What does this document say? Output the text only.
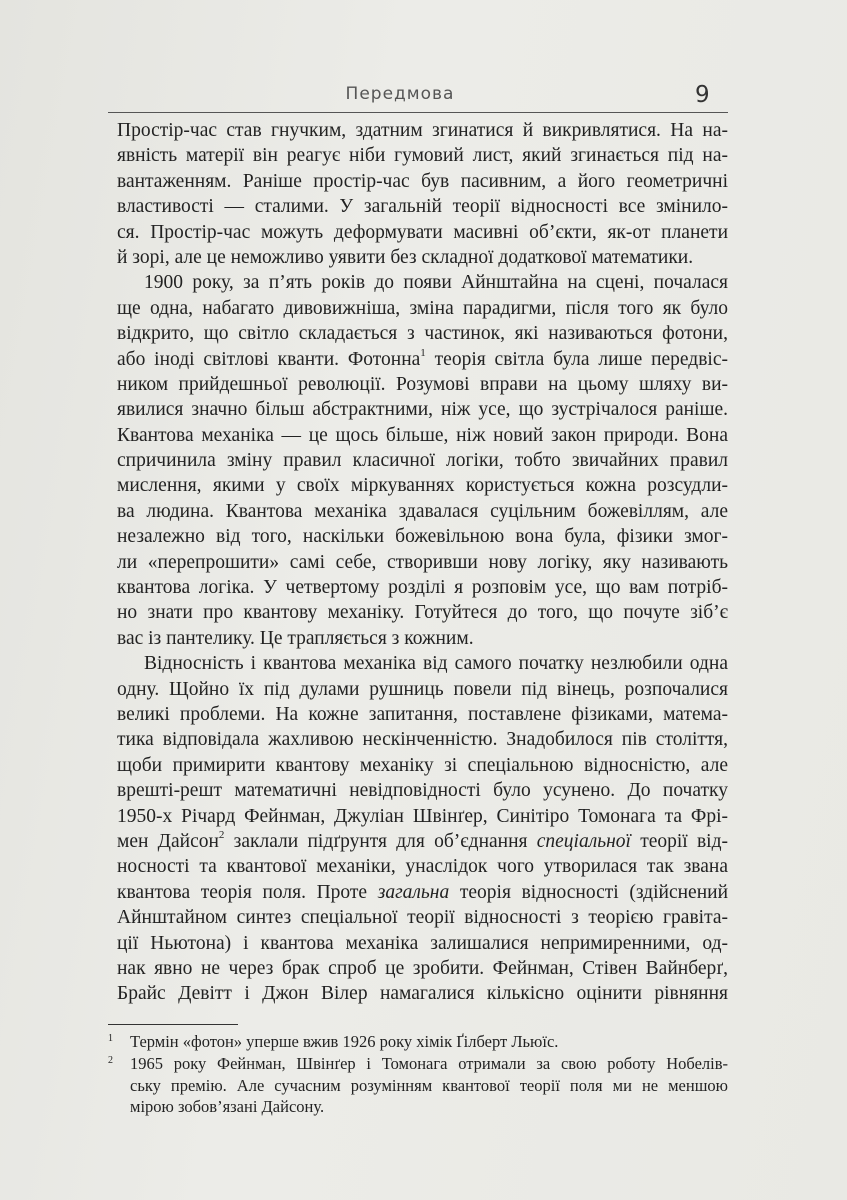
Передмова	9
Простір-час став гнучким, здатним згинатися й викривлятися. На на-
явність матерії він реагує ніби гумовий лист, який згинається під на-
вантаженням. Раніше простір-час був пасивним, а його геометричні
властивості — сталими. У загальній теорії відносності все змінило-
ся. Простір-час можуть деформувати масивні об’єкти, як-от планети
й зорі, але це неможливо уявити без складної додаткової математики.
1900 року, за п’ять років до появи Айнштайна на сцені, почалася
ще одна, набагато дивовижніша, зміна парадигми, після того як було
відкрито, що світло складається з частинок, які називаються фотони,
або іноді світлові кванти. Фотонна$^1$ теорія світла була лише передвіс-
ником прийдешньої революції. Розумові вправи на цьому шляху ви-
явилися значно більш абстрактними, ніж усе, що зустрічалося раніше.
Квантова механіка — це щось більше, ніж новий закон природи. Вона
спричинила зміну правил класичної логіки, тобто звичайних правил
мислення, якими у своїх міркуваннях користується кожна розсудли-
ва людина. Квантова механіка здавалася суцільним божевіллям, але
незалежно від того, наскільки божевільною вона була, фізики змог-
ли «перепрошити» самі себе, створивши нову логіку, яку називають
квантова логіка. У четвертому розділі я розповім усе, що вам потріб-
но знати про квантову механіку. Готуйтеся до того, що почуте зіб’є
вас із пантелику. Це трапляється з кожним.
Відносність і квантова механіка від самого початку незлюбили одна
одну. Щойно їх під дулами рушниць повели під вінець, розпочалися
великі проблеми. На кожне запитання, поставлене фізиками, матема-
тика відповідала жахливою нескінченністю. Знадобилося пів століття,
щоби примирити квантову механіку зі спеціальною відносністю, але
врешті-решт математичні невідповідності було усунено. До початку
1950-х Річард Фейнман, Джуліан Швінґер, Синітіро Томонага та Фрі-
мен Дайсон$^2$ заклали підґрунтя для об’єднання спеціальної теорії від-
носності та квантової механіки, унаслідок чого утворилася так звана
квантова теорія поля. Проте загальна теорія відносності (здійснений
Айнштайном синтез спеціальної теорії відносності з теорією гравіта-
ції Ньютона) і квантова механіка залишалися непримиренними, од-
нак явно не через брак спроб це зробити. Фейнман, Стівен Вайнберґ,
Брайс Девітт і Джон Вілер намагалися кількісно оцінити рівняння
1	Термін «фотон» уперше вжив 1926 року хімік Ґілберт Льюїс.
2	1965 року Фейнман, Швінґер і Томонага отримали за свою роботу Нобелів-
ську премію. Але сучасним розумінням квантової теорії поля ми не меншою
мірою зобов’язані Дайсону.
